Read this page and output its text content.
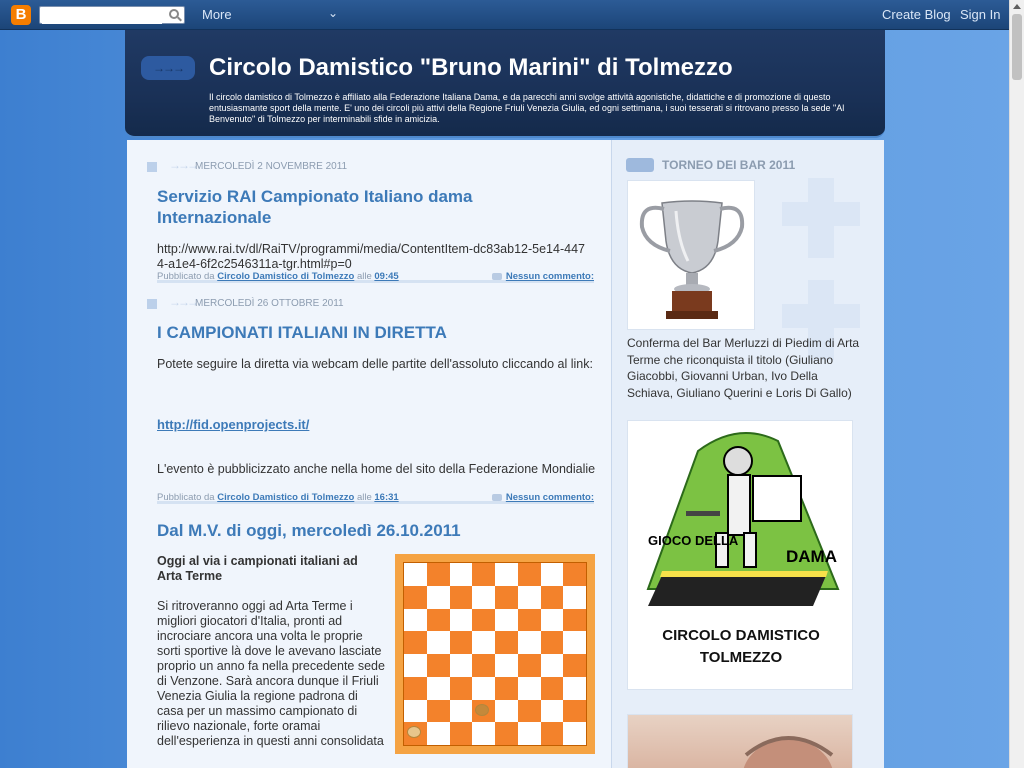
B	More	⌄	Create Blog Sign In
→→→	Circolo Damistico "Bruno Marini" di Tolmezzo
Il circolo damistico di Tolmezzo è affiliato alla Federazione Italiana Dama, e da parecchi anni svolge attività agonistiche, didattiche e di promozione di questo entusiasmante sport della mente. E' uno dei circoli più attivi della Regione Friuli Venezia Giulia, ed ogni settimana, i suoi tesserati si ritrovano presso la sede "Al Benvenuto" di Tolmezzo per interminabili sfide in amicizia.
→→→ MERCOLEDÌ 2 NOVEMBRE 2011
Servizio RAI Campionato Italiano dama Internazionale
http://www.rai.tv/dl/RaiTV/programmi/media/ContentItem-dc83ab12-5e14-4474-a1e4-6f2c2546311a-tgr.html#p=0
Pubblicato da Circolo Damistico di Tolmezzo alle 09:45	Nessun commento:
→→→ MERCOLEDÌ 26 OTTOBRE 2011
I CAMPIONATI ITALIANI IN DIRETTA
Potete seguire la diretta via webcam delle partite dell'assoluto cliccando al link:
http://fid.openprojects.it/
L'evento è pubblicizzato anche nella home del sito della Federazione Mondialie
Pubblicato da Circolo Damistico di Tolmezzo alle 16:31	Nessun commento:
Dal M.V. di oggi, mercoledì 26.10.2011
Oggi al via i campionati italiani ad Arta Terme
Si ritroveranno oggi ad Arta Terme i migliori giocatori d'Italia, pronti ad incrociare ancora una volta le proprie sorti sportive là dove le avevano lasciate proprio un anno fa nella precedente sede di Venzone. Sarà ancora dunque il Friuli Venezia Giulia la regione padrona di casa per un massimo campionato di rilievo nazionale, forte oramai dell'esperienza in questi anni consolidata
TORNEO DEI BAR 2011
Conferma del Bar Merluzzi di Piedim di Arta Terme che riconquista il titolo (Giuliano Giacobbi, Giovanni Urban, Ivo Della Schiava, Giuliano Querini e Loris Di Gallo)
GIOCO DELLA
DAMA
CIRCOLO DAMISTICO
TOLMEZZO
